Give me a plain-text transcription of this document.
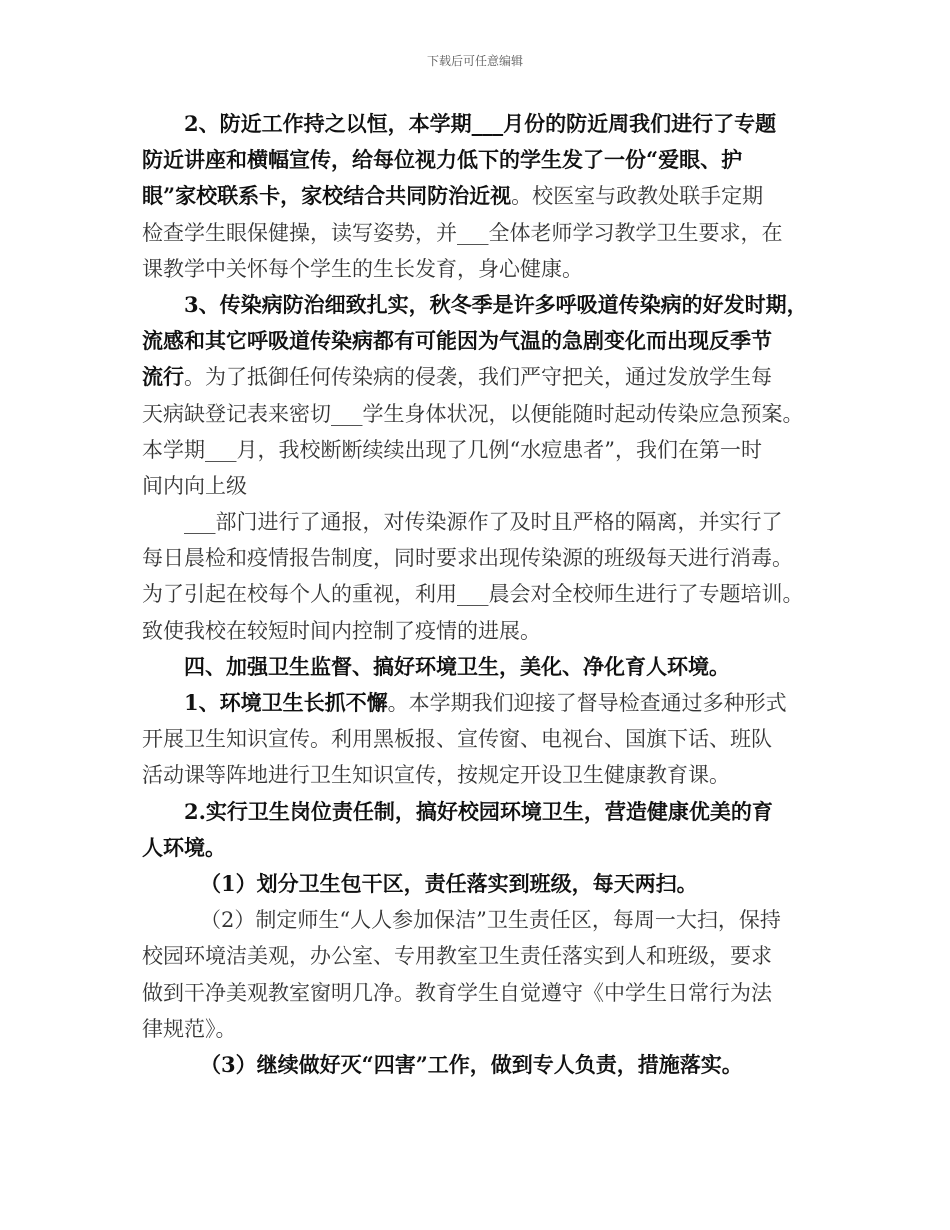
下载后可任意编辑
2、防近工作持之以恒，本学期___月份的防近周我们进行了专题
防近讲座和横幅宣传，给每位视力低下的学生发了一份“爱眼、护
眼”家校联系卡，家校结合共同防治近视。校医室与政教处联手定期
检查学生眼保健操，读写姿势，并___全体老师学习教学卫生要求，在
课教学中关怀每个学生的生长发育，身心健康。
3、传染病防治细致扎实，秋冬季是许多呼吸道传染病的好发时期，
流感和其它呼吸道传染病都有可能因为气温的急剧变化而出现反季节
流行。为了抵御任何传染病的侵袭，我们严守把关，通过发放学生每
天病缺登记表来密切___学生身体状况，以便能随时起动传染应急预案。
本学期___月，我校断断续续出现了几例“水痘患者”，我们在第一时
间内向上级
___部门进行了通报，对传染源作了及时且严格的隔离，并实行了
每日晨检和疫情报告制度，同时要求出现传染源的班级每天进行消毒。
为了引起在校每个人的重视，利用___晨会对全校师生进行了专题培训。
致使我校在较短时间内控制了疫情的进展。
四、加强卫生监督、搞好环境卫生，美化、净化育人环境。
1、环境卫生长抓不懈。本学期我们迎接了督导检查通过多种形式
开展卫生知识宣传。利用黑板报、宣传窗、电视台、国旗下话、班队
活动课等阵地进行卫生知识宣传，按规定开设卫生健康教育课。
2.实行卫生岗位责任制，搞好校园环境卫生，营造健康优美的育
人环境。
（1）划分卫生包干区，责任落实到班级，每天两扫。
（2）制定师生“人人参加保洁”卫生责任区，每周一大扫，保持
校园环境洁美观，办公室、专用教室卫生责任落实到人和班级，要求
做到干净美观教室窗明几净。教育学生自觉遵守《中学生日常行为法
律规范》。
（3）继续做好灭“四害”工作，做到专人负责，措施落实。
